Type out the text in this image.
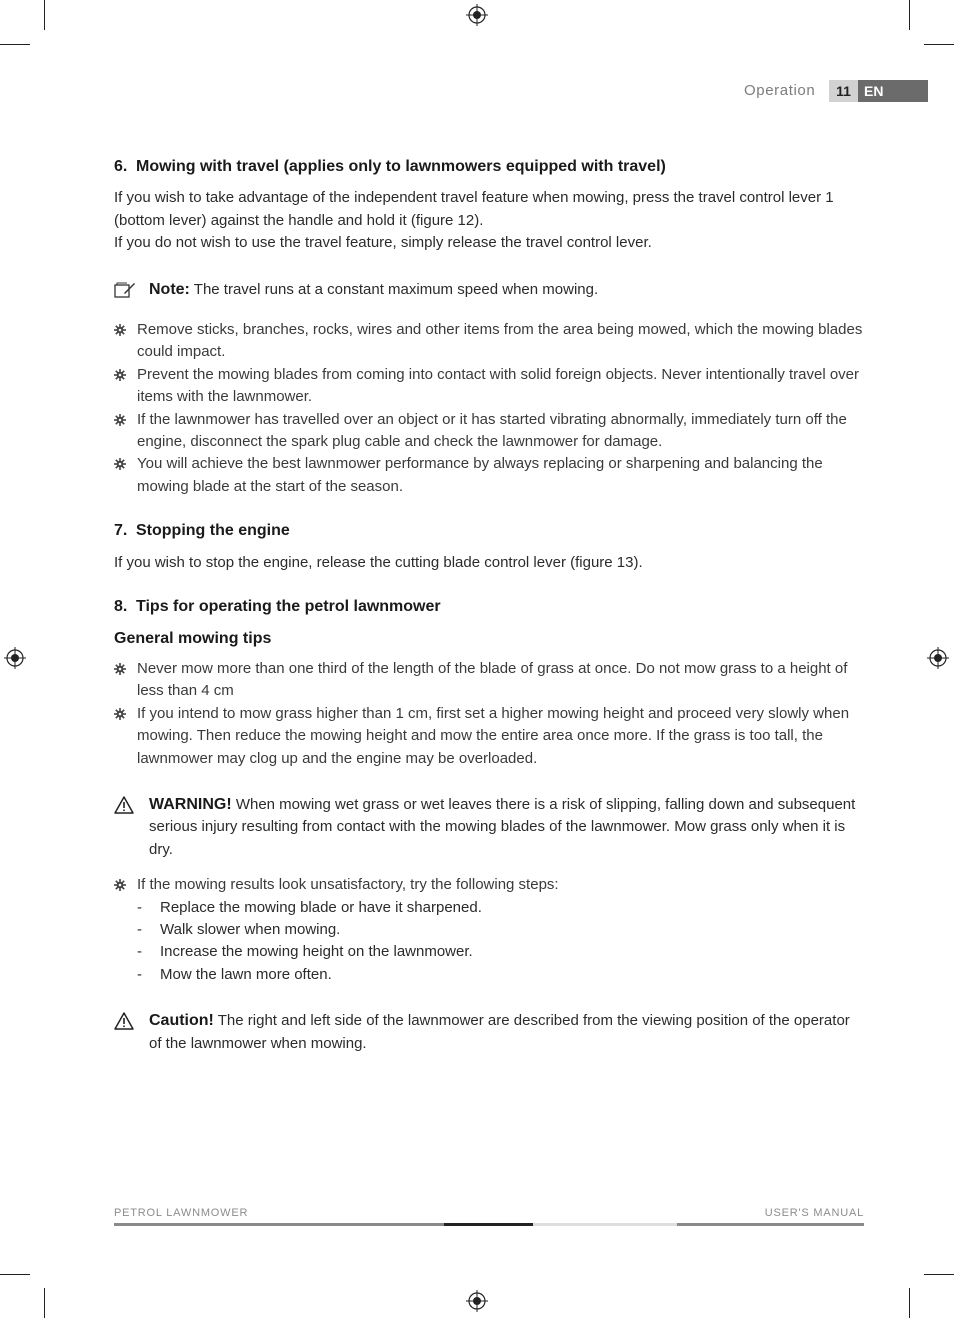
Operation	11 EN
6. Mowing with travel (applies only to lawnmowers equipped with travel)

If you wish to take advantage of the independent travel feature when mowing, press the travel control lever 1 (bottom lever) against the handle and hold it (figure 12).

If you do not wish to use the travel feature, simply release the travel control lever.

Note: The travel runs at a constant maximum speed when mowing.
Remove sticks, branches, rocks, wires and other items from the area being mowed, which the mowing blades could impact.
Prevent the mowing blades from coming into contact with solid foreign objects. Never intentionally travel over items with the lawnmower.
If the lawnmower has travelled over an object or it has started vibrating abnormally, immediately turn off the engine, disconnect the spark plug cable and check the lawnmower for damage.
You will achieve the best lawnmower performance by always replacing or sharpening and balancing the mowing blade at the start of the season.
7. Stopping the engine

If you wish to stop the engine, release the cutting blade control lever (figure 13).

8. Tips for operating the petrol lawnmower
General mowing tips
Never mow more than one third of the length of the blade of grass at once. Do not mow grass to a height of less than 4 cm
If you intend to mow grass higher than 1 cm, first set a higher mowing height and proceed very slowly when mowing. Then reduce the mowing height and mow the entire area once more. If the grass is too tall, the lawnmower may clog up and the engine may be overloaded.
WARNING! When mowing wet grass or wet leaves there is a risk of slipping, falling down and subsequent serious injury resulting from contact with the mowing blades of the lawnmower. Mow grass only when it is dry.
If the mowing results look unsatisfactory, try the following steps:
- Replace the mowing blade or have it sharpened.
- Walk slower when mowing.
- Increase the mowing height on the lawnmower.
- Mow the lawn more often.
Caution! The right and left side of the lawnmower are described from the viewing position of the operator of the lawnmower when mowing.
PETROL LAWNMOWER	USER'S MANUAL
